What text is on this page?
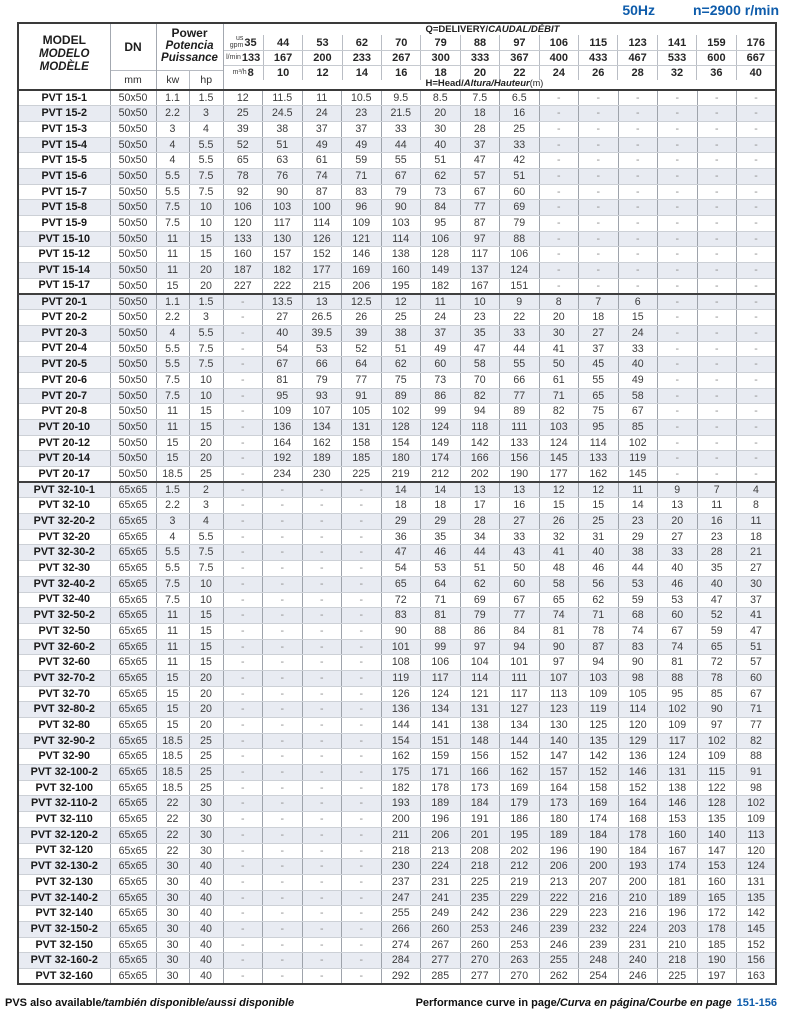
50Hz	n=2900 r/min
MODEL
MODELO
MODÈLE

DN
mm

Power
Potencia
Puissance
kw	hp

Q=DELIVERY/CAUDAL/DÉBIT
us
gpm 35 44 53 62 70 79 88 97 106 115 123 141 159 176
l/min 133 167 200 233 267 300 333 367 400 433 467 533 600 667
m³/h 8 10 12 14 16 18 20 22 24 26 28 32 36 40
H=Head/Altura/Hauteur(m)

PVT 15-1	50x50	1.1	1.5	12	11.5	11	10.5	9.5	8.5	7.5	6.5	-	-	-	-	-	-
PVT 15-2	50x50	2.2	3	25	24.5	24	23	21.5	20	18	16	-	-	-	-	-	-
PVT 15-3	50x50	3	4	39	38	37	37	33	30	28	25	-	-	-	-	-	-
PVT 15-4	50x50	4	5.5	52	51	49	49	44	40	37	33	-	-	-	-	-	-
PVT 15-5	50x50	4	5.5	65	63	61	59	55	51	47	42	-	-	-	-	-	-
PVT 15-6	50x50	5.5	7.5	78	76	74	71	67	62	57	51	-	-	-	-	-	-
PVT 15-7	50x50	5.5	7.5	92	90	87	83	79	73	67	60	-	-	-	-	-	-
PVT 15-8	50x50	7.5	10	106	103	100	96	90	84	77	69	-	-	-	-	-	-
PVT 15-9	50x50	7.5	10	120	117	114	109	103	95	87	79	-	-	-	-	-	-
PVT 15-10	50x50	11	15	133	130	126	121	114	106	97	88	-	-	-	-	-	-
PVT 15-12	50x50	11	15	160	157	152	146	138	128	117	106	-	-	-	-	-	-
PVT 15-14	50x50	11	20	187	182	177	169	160	149	137	124	-	-	-	-	-	-
PVT 15-17	50x50	15	20	227	222	215	206	195	182	167	151	-	-	-	-	-	-
PVT 20-1	50x50	1.1	1.5	-	13.5	13	12.5	12	11	10	9	8	7	6	-	-	-
PVT 20-2	50x50	2.2	3	-	27	26.5	26	25	24	23	22	20	18	15	-	-	-
PVT 20-3	50x50	4	5.5	-	40	39.5	39	38	37	35	33	30	27	24	-	-	-
PVT 20-4	50x50	5.5	7.5	-	54	53	52	51	49	47	44	41	37	33	-	-	-
PVT 20-5	50x50	5.5	7.5	-	67	66	64	62	60	58	55	50	45	40	-	-	-
PVT 20-6	50x50	7.5	10	-	81	79	77	75	73	70	66	61	55	49	-	-	-
PVT 20-7	50x50	7.5	10	-	95	93	91	89	86	82	77	71	65	58	-	-	-
PVT 20-8	50x50	11	15	-	109	107	105	102	99	94	89	82	75	67	-	-	-
PVT 20-10	50x50	11	15	-	136	134	131	128	124	118	111	103	95	85	-	-	-
PVT 20-12	50x50	15	20	-	164	162	158	154	149	142	133	124	114	102	-	-	-
PVT 20-14	50x50	15	20	-	192	189	185	180	174	166	156	145	133	119	-	-	-
PVT 20-17	50x50	18.5	25	-	234	230	225	219	212	202	190	177	162	145	-	-	-
PVT 32-10-1	65x65	1.5	2	-	-	-	-	14	14	13	13	12	12	11	9	7	4
PVT 32-10	65x65	2.2	3	-	-	-	-	18	18	17	16	15	15	14	13	11	8
PVT 32-20-2	65x65	3	4	-	-	-	-	29	29	28	27	26	25	23	20	16	11
PVT 32-20	65x65	4	5.5	-	-	-	-	36	35	34	33	32	31	29	27	23	18
PVT 32-30-2	65x65	5.5	7.5	-	-	-	-	47	46	44	43	41	40	38	33	28	21
PVT 32-30	65x65	5.5	7.5	-	-	-	-	54	53	51	50	48	46	44	40	35	27
PVT 32-40-2	65x65	7.5	10	-	-	-	-	65	64	62	60	58	56	53	46	40	30
PVT 32-40	65x65	7.5	10	-	-	-	-	72	71	69	67	65	62	59	53	47	37
PVT 32-50-2	65x65	11	15	-	-	-	-	83	81	79	77	74	71	68	60	52	41
PVT 32-50	65x65	11	15	-	-	-	-	90	88	86	84	81	78	74	67	59	47
PVT 32-60-2	65x65	11	15	-	-	-	-	101	99	97	94	90	87	83	74	65	51
PVT 32-60	65x65	11	15	-	-	-	-	108	106	104	101	97	94	90	81	72	57
PVT 32-70-2	65x65	15	20	-	-	-	-	119	117	114	111	107	103	98	88	78	60
PVT 32-70	65x65	15	20	-	-	-	-	126	124	121	117	113	109	105	95	85	67
PVT 32-80-2	65x65	15	20	-	-	-	-	136	134	131	127	123	119	114	102	90	71
PVT 32-80	65x65	15	20	-	-	-	-	144	141	138	134	130	125	120	109	97	77
PVT 32-90-2	65x65	18.5	25	-	-	-	-	154	151	148	144	140	135	129	117	102	82
PVT 32-90	65x65	18.5	25	-	-	-	-	162	159	156	152	147	142	136	124	109	88
PVT 32-100-2	65x65	18.5	25	-	-	-	-	175	171	166	162	157	152	146	131	115	91
PVT 32-100	65x65	18.5	25	-	-	-	-	182	178	173	169	164	158	152	138	122	98
PVT 32-110-2	65x65	22	30	-	-	-	-	193	189	184	179	173	169	164	146	128	102
PVT 32-110	65x65	22	30	-	-	-	-	200	196	191	186	180	174	168	153	135	109
PVT 32-120-2	65x65	22	30	-	-	-	-	211	206	201	195	189	184	178	160	140	113
PVT 32-120	65x65	22	30	-	-	-	-	218	213	208	202	196	190	184	167	147	120
PVT 32-130-2	65x65	30	40	-	-	-	-	230	224	218	212	206	200	193	174	153	124
PVT 32-130	65x65	30	40	-	-	-	-	237	231	225	219	213	207	200	181	160	131
PVT 32-140-2	65x65	30	40	-	-	-	-	247	241	235	229	222	216	210	189	165	135
PVT 32-140	65x65	30	40	-	-	-	-	255	249	242	236	229	223	216	196	172	142
PVT 32-150-2	65x65	30	40	-	-	-	-	266	260	253	246	239	232	224	203	178	145
PVT 32-150	65x65	30	40	-	-	-	-	274	267	260	253	246	239	231	210	185	152
PVT 32-160-2	65x65	30	40	-	-	-	-	284	277	270	263	255	248	240	218	190	156
PVT 32-160	65x65	30	40	-	-	-	-	292	285	277	270	262	254	246	225	197	163
PVS also available/también disponible/aussi disponible	Performance curve in page/Curva en página/Courbe en page 151-156
